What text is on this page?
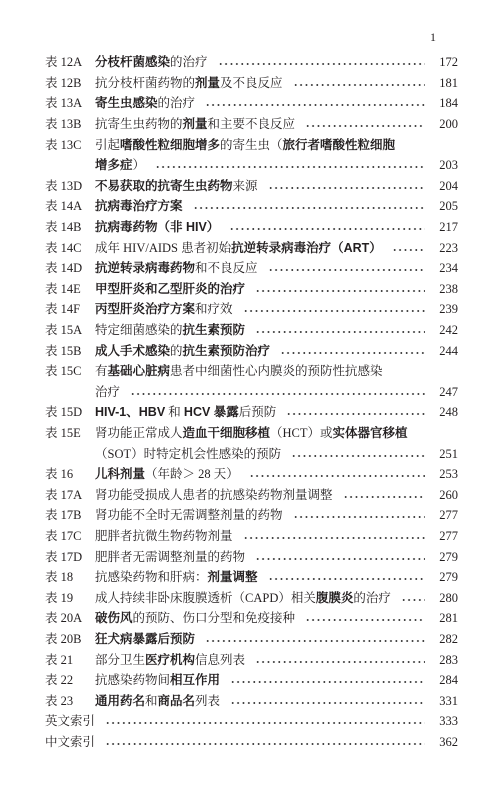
1
表 12A	分枝杆菌感染的治疗	172
表 12B	抗分枝杆菌药物的剂量及不良反应	181
表 13A	寄生虫感染的治疗	184
表 13B	抗寄生虫药物的剂量和主要不良反应	200
表 13C	引起嗜酸性粒细胞增多的寄生虫（旅行者嗜酸性粒细胞
增多症）	203
表 13D	不易获取的抗寄生虫药物来源	204
表 14A	抗病毒治疗方案	205
表 14B	抗病毒药物（非 HIV）	217
表 14C	成年 HIV/AIDS 患者初始抗逆转录病毒治疗（ART）	223
表 14D	抗逆转录病毒药物和不良反应	234
表 14E	甲型肝炎和乙型肝炎的治疗	238
表 14F	丙型肝炎治疗方案和疗效	239
表 15A	特定细菌感染的抗生素预防	242
表 15B	成人手术感染的抗生素预防治疗	244
表 15C	有基础心脏病患者中细菌性心内膜炎的预防性抗感染
治疗	247
表 15D	HIV-1、HBV 和 HCV 暴露后预防	248
表 15E	肾功能正常成人造血干细胞移植（HCT）或实体器官移植
（SOT）时特定机会性感染的预防	251
表 16	儿科剂量（年龄＞ 28 天）	253
表 17A	肾功能受损成人患者的抗感染药物剂量调整	260
表 17B	肾功能不全时无需调整剂量的药物	277
表 17C	肥胖者抗微生物药物剂量	277
表 17D	肥胖者无需调整剂量的药物	279
表 18	抗感染药物和肝病：剂量调整	279
表 19	成人持续非卧床腹膜透析（CAPD）相关腹膜炎的治疗	280
表 20A	破伤风的预防、伤口分型和免疫接种	281
表 20B	狂犬病暴露后预防	282
表 21	部分卫生医疗机构信息列表	283
表 22	抗感染药物间相互作用	284
表 23	通用药名和商品名列表	331
英文索引	333
中文索引	362
